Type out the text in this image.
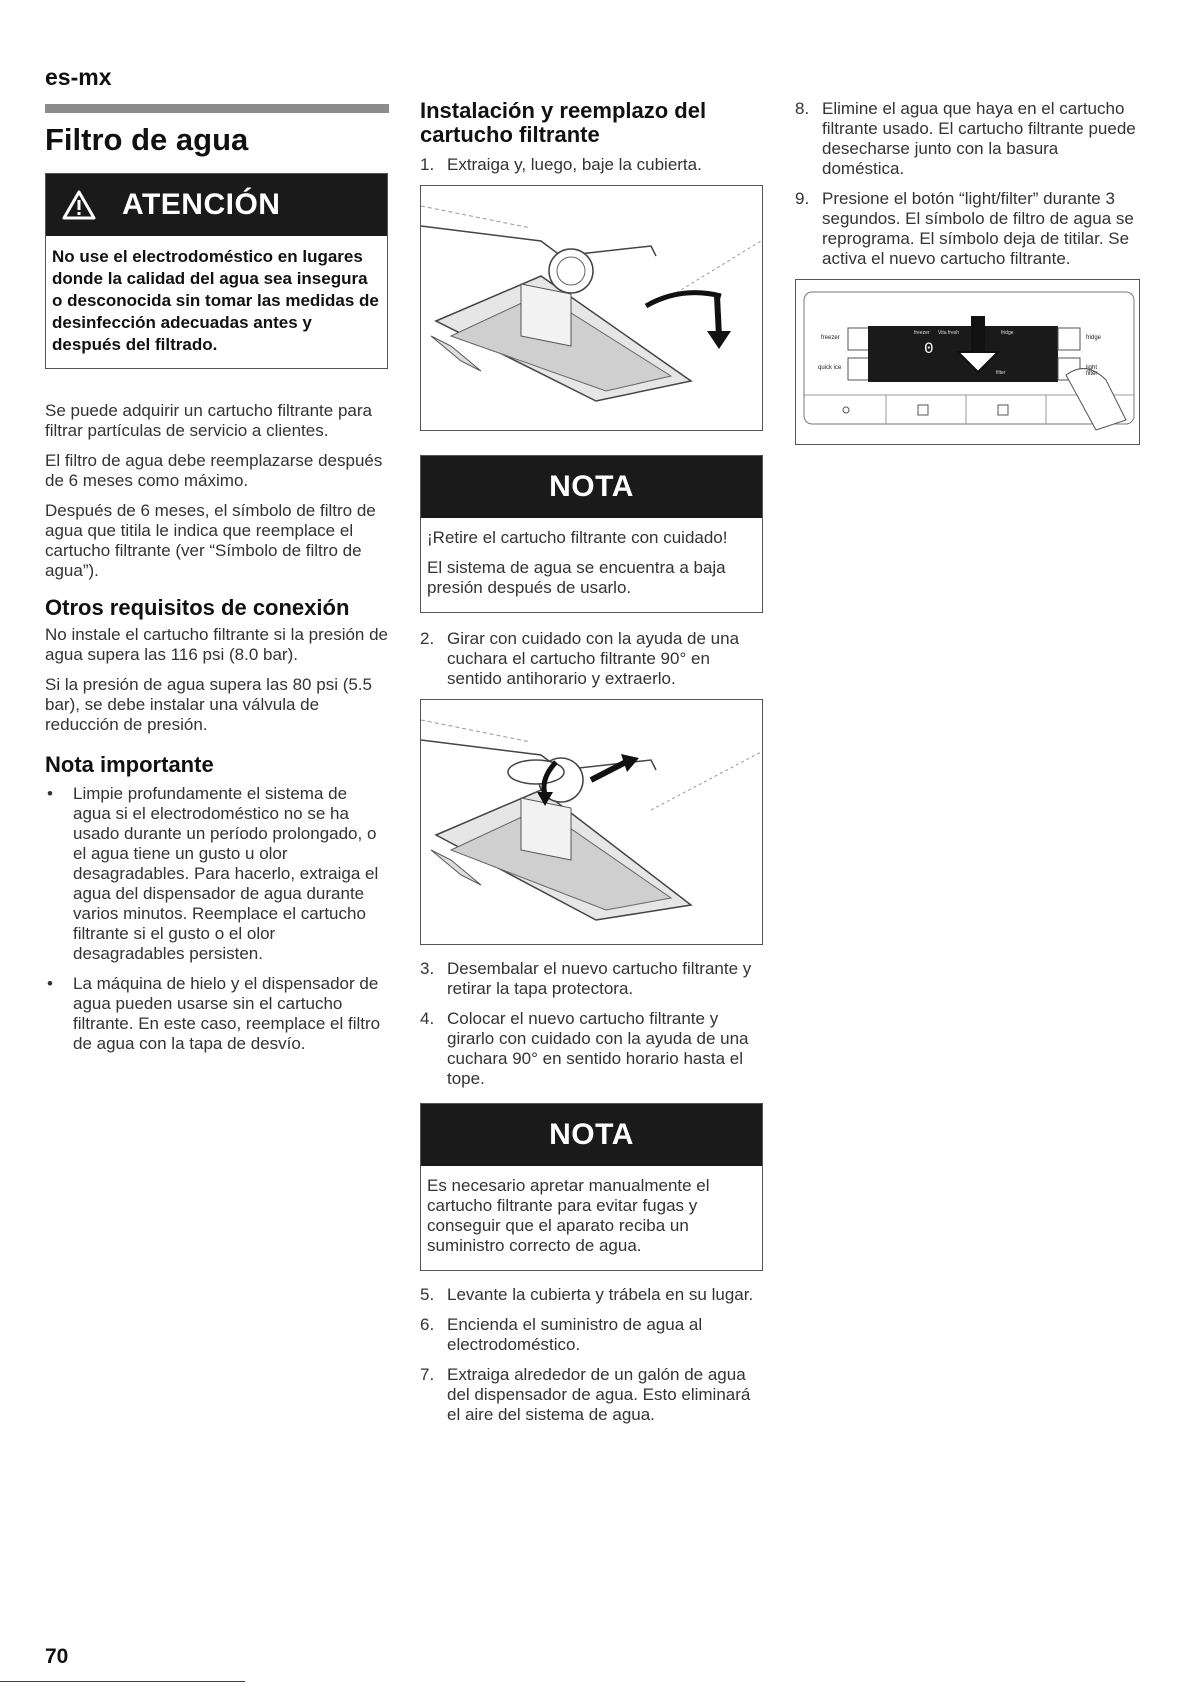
es-mx
Filtro de agua
ATENCIÓN
No use el electrodoméstico en lugares donde la calidad del agua sea insegura o desconocida sin tomar las medidas de desinfección adecuadas antes y después del filtrado.

Se puede adquirir un cartucho filtrante para filtrar partículas de servicio a clientes.

El filtro de agua debe reemplazarse después de 6 meses como máximo.

Después de 6 meses, el símbolo de filtro de agua que titila le indica que reemplace el cartucho filtrante (ver “Símbolo de filtro de agua”).

Otros requisitos de conexión

No instale el cartucho filtrante si la presión de agua supera las 116 psi (8.0 bar).

Si la presión de agua supera las 80 psi (5.5 bar), se debe instalar una válvula de reducción de presión.

Nota importante
• Limpie profundamente el sistema de agua si el electrodoméstico no se ha usado durante un período prolongado, o el agua tiene un gusto u olor desagradables. Para hacerlo, extraiga el agua del dispensador de agua durante varios minutos. Reemplace el cartucho filtrante si el gusto o el olor desagradables persisten.
• La máquina de hielo y el dispensador de agua pueden usarse sin el cartucho filtrante. En este caso, reemplace el filtro de agua con la tapa de desvío.
Instalación y reemplazo del cartucho filtrante
1. Extraiga y, luego, baje la cubierta.
NOTA

¡Retire el cartucho filtrante con cuidado!

El sistema de agua se encuentra a baja presión después de usarlo.

2. Girar con cuidado con la ayuda de una cuchara el cartucho filtrante 90° en sentido antihorario y extraerlo.
3. Desembalar el nuevo cartucho filtrante y retirar la tapa protectora.
4. Colocar el nuevo cartucho filtrante y girarlo con cuidado con la ayuda de una cuchara 90° en sentido horario hasta el tope.
NOTA

Es necesario apretar manualmente el cartucho filtrante para evitar fugas y conseguir que el aparato reciba un suministro correcto de agua.

5. Levante la cubierta y trábela en su lugar.
6. Encienda el suministro de agua al electrodoméstico.
7. Extraiga alrededor de un galón de agua del dispensador de agua. Esto eliminará el aire del sistema de agua.
8. Elimine el agua que haya en el cartucho filtrante usado. El cartucho filtrante puede desecharse junto con la basura doméstica.
9. Presione el botón “light/filter” durante 3 segundos. El símbolo de filtro de agua se reprograma. El símbolo deja de titilar. Se activa el nuevo cartucho filtrante.
freezer
quick ice
fridge
light filter
freezer Vita fresh	fridge
0
filter
70
